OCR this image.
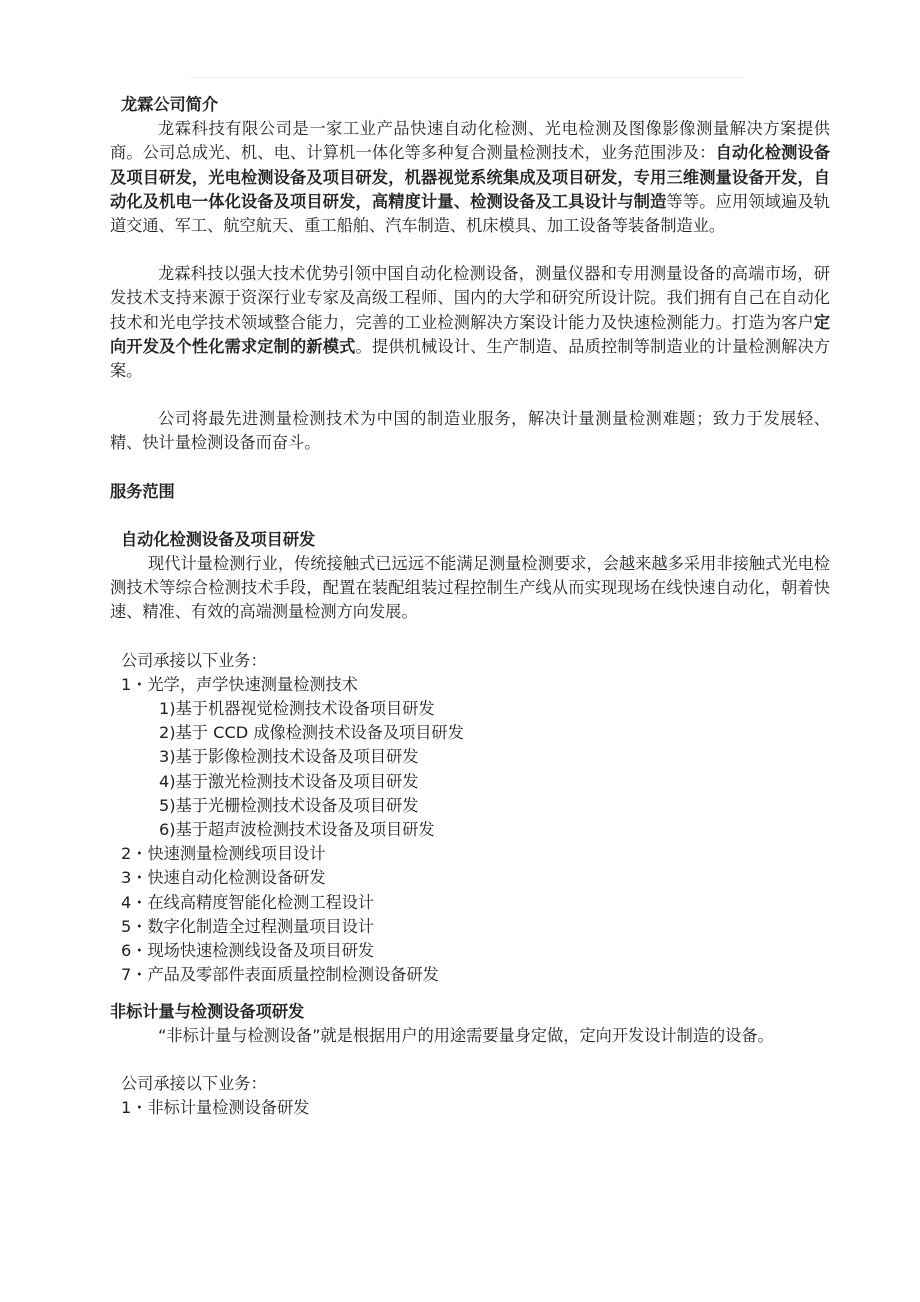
龙霖公司简介

龙霖科技有限公司是一家工业产品快速自动化检测、光电检测及图像影像测量解决方案提供商。公司总成光、机、电、计算机一体化等多种复合测量检测技术，业务范围涉及：自动化检测设备及项目研发，光电检测设备及项目研发，机器视觉系统集成及项目研发，专用三维测量设备开发，自动化及机电一体化设备及项目研发，高精度计量、检测设备及工具设计与制造等等。应用领域遍及轨道交通、军工、航空航天、重工船舶、汽车制造、机床模具、加工设备等装备制造业。

龙霖科技以强大技术优势引领中国自动化检测设备，测量仪器和专用测量设备的高端市场，研发技术支持来源于资深行业专家及高级工程师、国内的大学和研究所设计院。我们拥有自己在自动化技术和光电学技术领域整合能力，完善的工业检测解决方案设计能力及快速检测能力。打造为客户定向开发及个性化需求定制的新模式。提供机械设计、生产制造、品质控制等制造业的计量检测解决方案。

公司将最先进测量检测技术为中国的制造业服务，解决计量测量检测难题；致力于发展轻、精、快计量检测设备而奋斗。

服务范围

自动化检测设备及项目研发

现代计量检测行业，传统接触式已远远不能满足测量检测要求，会越来越多采用非接触式光电检测技术等综合检测技术手段，配置在装配组装过程控制生产线从而实现现场在线快速自动化，朝着快速、精准、有效的高端测量检测方向发展。

公司承接以下业务：

1・光学，声学快速测量检测技术

1)基于机器视觉检测技术设备项目研发

2)基于 CCD 成像检测技术设备及项目研发

3)基于影像检测技术设备及项目研发

4)基于激光检测技术设备及项目研发

5)基于光栅检测技术设备及项目研发

6)基于超声波检测技术设备及项目研发

2・快速测量检测线项目设计

3・快速自动化检测设备研发

4・在线高精度智能化检测工程设计

5・数字化制造全过程测量项目设计

6・现场快速检测线设备及项目研发

7・产品及零部件表面质量控制检测设备研发

非标计量与检测设备项研发

“非标计量与检测设备”就是根据用户的用途需要量身定做，定向开发设计制造的设备。

公司承接以下业务：

1・非标计量检测设备研发
